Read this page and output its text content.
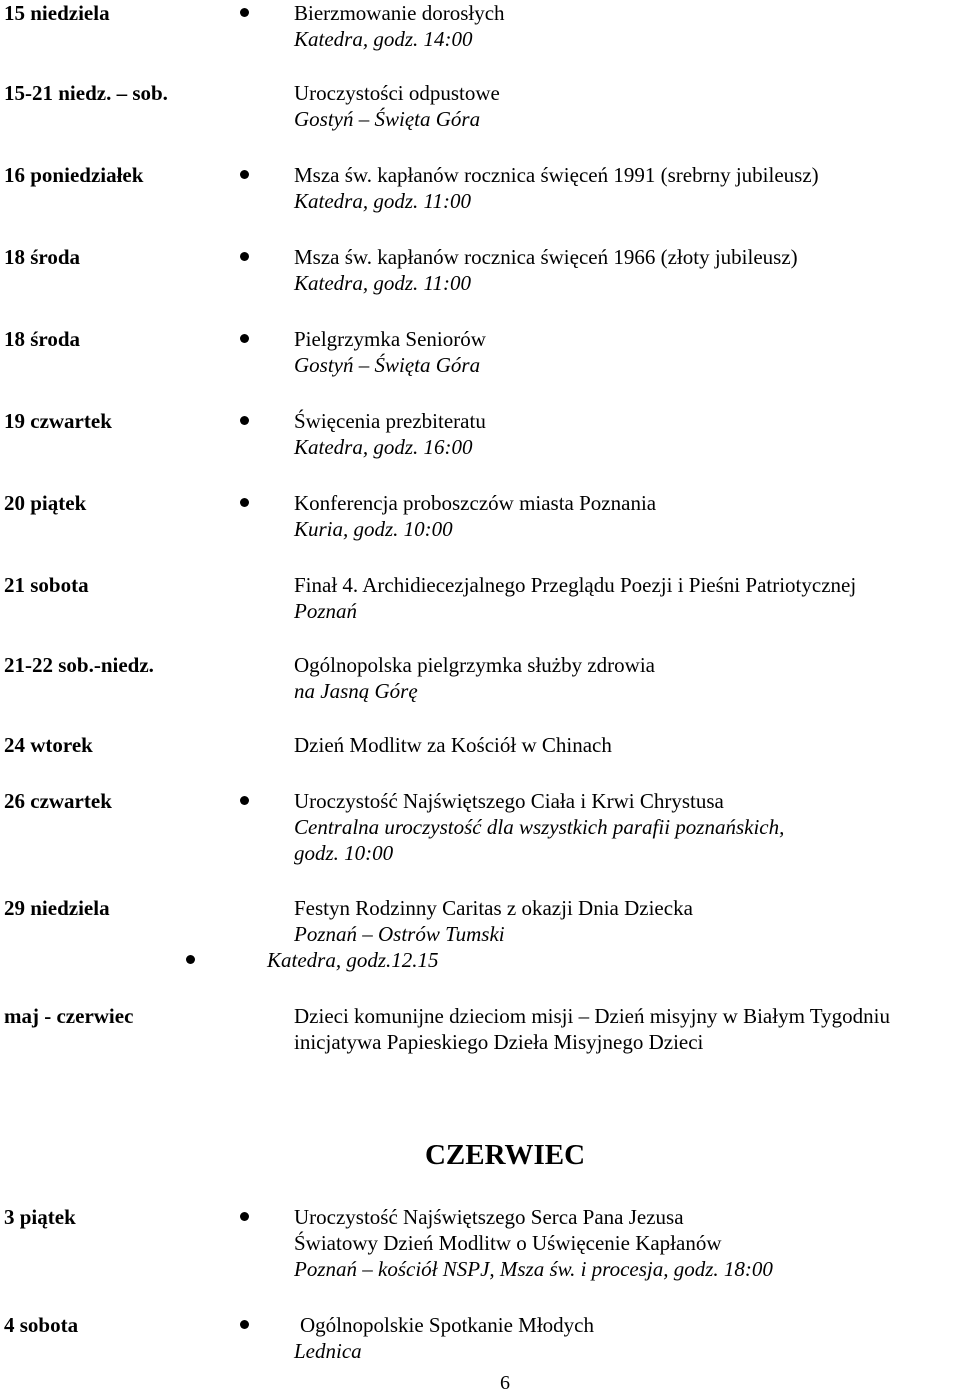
15 niedziela	Bierzmowanie dorosłych
Katedra, godz. 14:00
15-21 niedz. – sob.	Uroczystości odpustowe
Gostyń – Święta Góra
16 poniedziałek	Msza św. kapłanów rocznica święceń 1991 (srebrny jubileusz)
Katedra, godz. 11:00
18 środa	Msza św. kapłanów rocznica święceń 1966 (złoty jubileusz)
Katedra, godz. 11:00
18 środa	Pielgrzymka Seniorów
Gostyń – Święta Góra
19 czwartek	Święcenia prezbiteratu
Katedra, godz. 16:00
20 piątek	Konferencja proboszczów miasta Poznania
Kuria, godz. 10:00
21 sobota	Finał 4. Archidiecezjalnego Przeglądu Poezji i Pieśni Patriotycznej
Poznań
21-22 sob.-niedz.	Ogólnopolska pielgrzymka służby zdrowia
na Jasną Górę
24 wtorek	Dzień Modlitw za Kościół w Chinach
26 czwartek	Uroczystość Najświętszego Ciała i Krwi Chrystusa
Centralna uroczystość dla wszystkich parafii poznańskich,
godz. 10:00
29 niedziela	Festyn Rodzinny Caritas z okazji Dnia Dziecka
Poznań – Ostrów Tumski
Katedra, godz.12.15
maj - czerwiec	Dzieci komunijne dzieciom misji – Dzień misyjny w Białym Tygodniu
inicjatywa Papieskiego Dzieła Misyjnego Dzieci
CZERWIEC
3 piątek	Uroczystość Najświętszego Serca Pana Jezusa
Światowy Dzień Modlitw o Uświęcenie Kapłanów
Poznań – kościół NSPJ, Msza św. i procesja, godz. 18:00
4 sobota	Ogólnopolskie Spotkanie Młodych
Lednica
6
